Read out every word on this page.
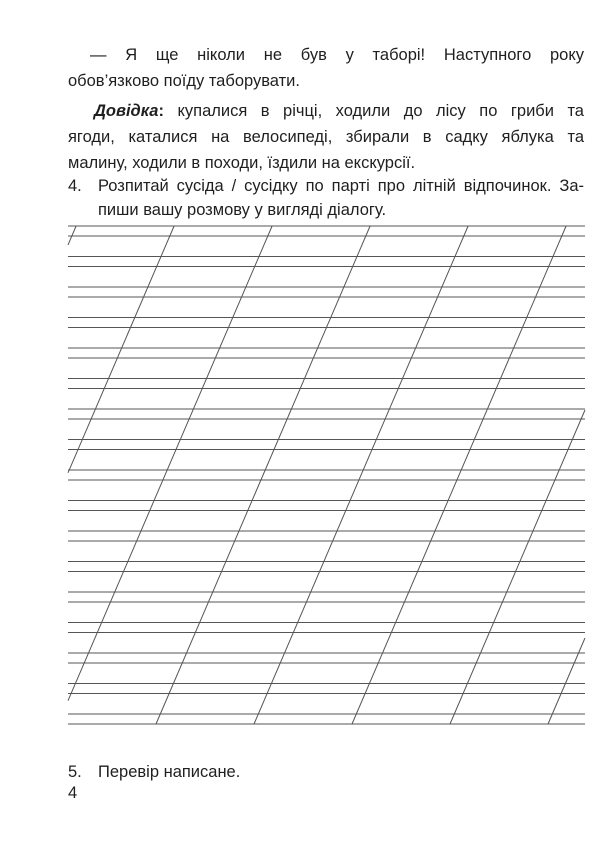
— Я ще ніколи не був у таборі! Наступного року
обов’язково поїду таборувати.
Довідка: купалися в річці, ходили до лісу по гриби та
ягоди, каталися на велосипеді, збирали в садку яблука та
малину, ходили в походи, їздили на екскурсії.
4. Розпитай сусіда / сусідку по парті про літній відпочинок. За-
пиши вашу розмову у вигляді діалогу.
5. Перевір написане.
4
